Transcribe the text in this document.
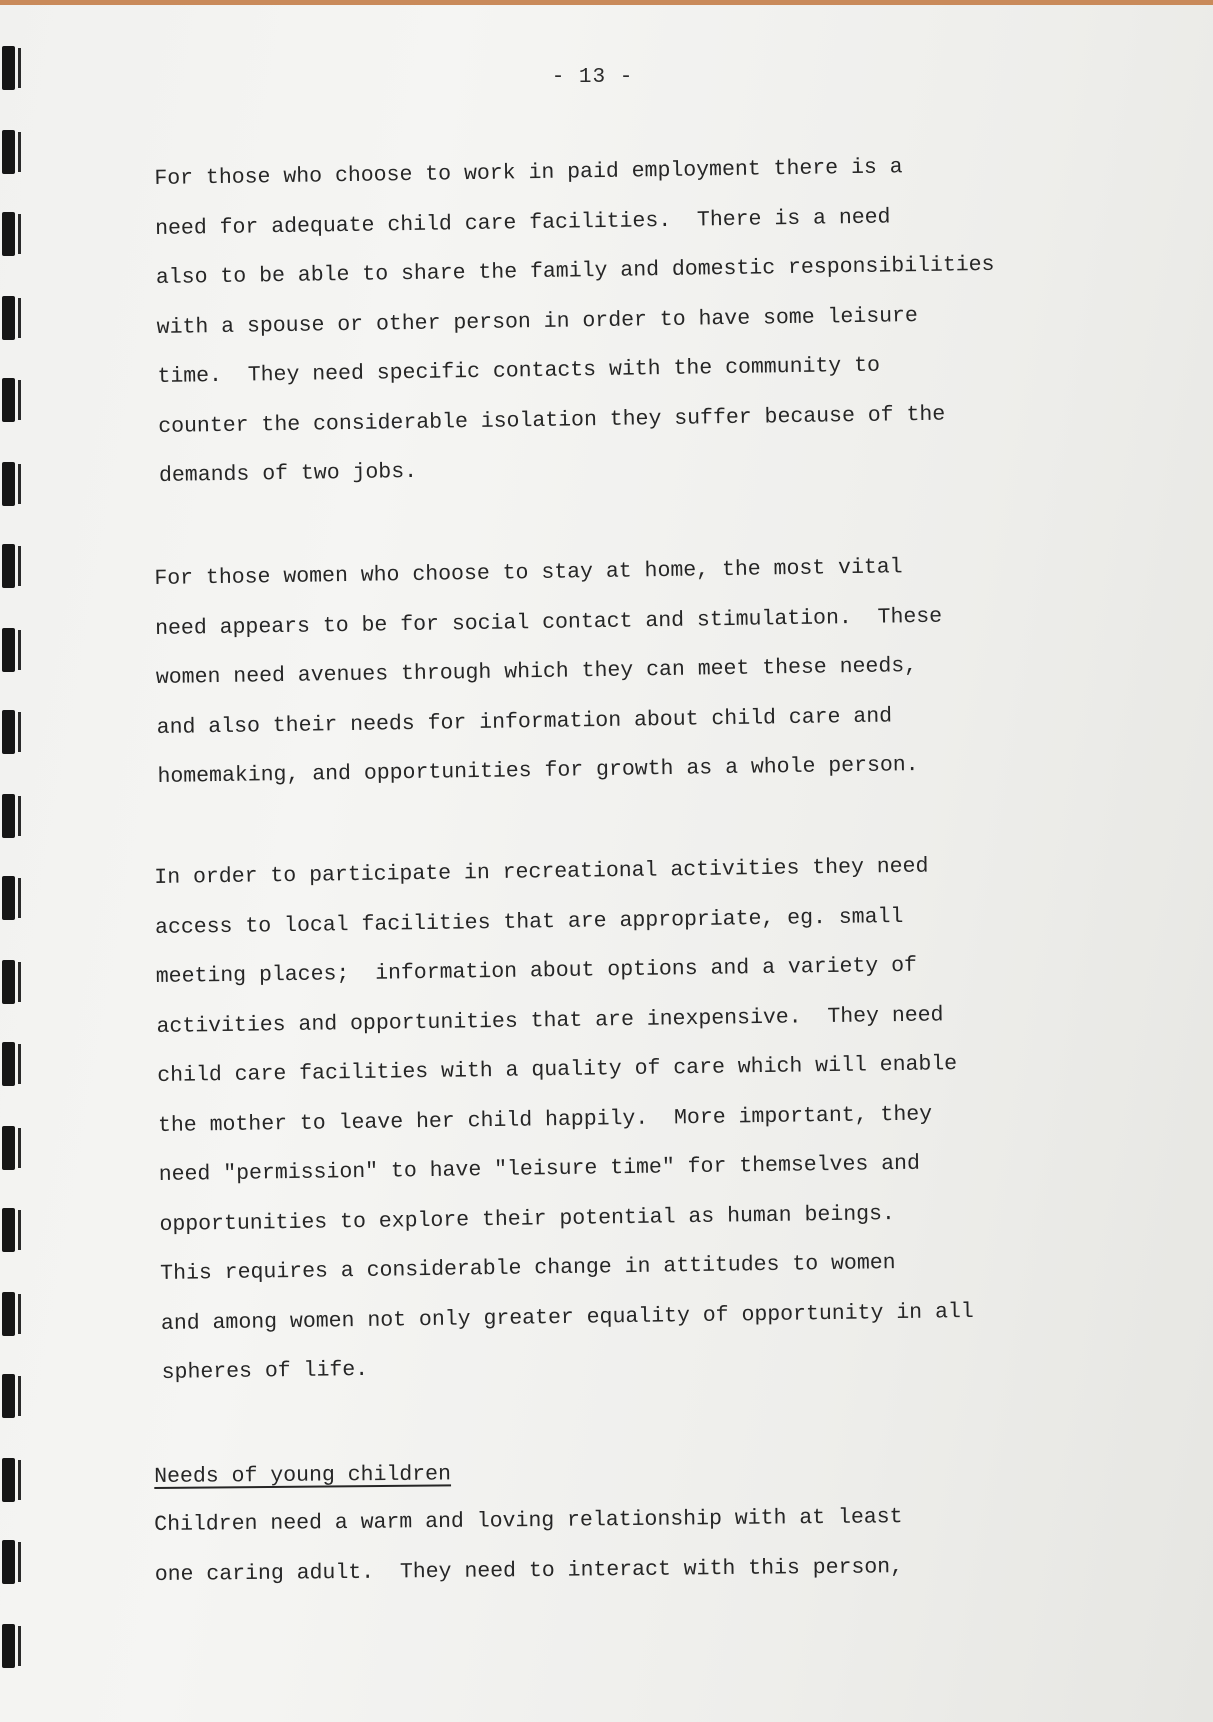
- 13 -

For those who choose to work in paid employment there is a
need for adequate child care facilities.  There is a need
also to be able to share the family and domestic responsibilities
with a spouse or other person in order to have some leisure
time.  They need specific contacts with the community to
counter the considerable isolation they suffer because of the
demands of two jobs.

For those women who choose to stay at home, the most vital
need appears to be for social contact and stimulation.  These
women need avenues through which they can meet these needs,
and also their needs for information about child care and
homemaking, and opportunities for growth as a whole person.

In order to participate in recreational activities they need
access to local facilities that are appropriate, eg. small
meeting places;  information about options and a variety of
activities and opportunities that are inexpensive.  They need
child care facilities with a quality of care which will enable
the mother to leave her child happily.  More important, they
need "permission" to have "leisure time" for themselves and
opportunities to explore their potential as human beings.
This requires a considerable change in attitudes to women
and among women not only greater equality of opportunity in all
spheres of life.

Needs of young children

Children need a warm and loving relationship with at least
one caring adult.  They need to interact with this person,
